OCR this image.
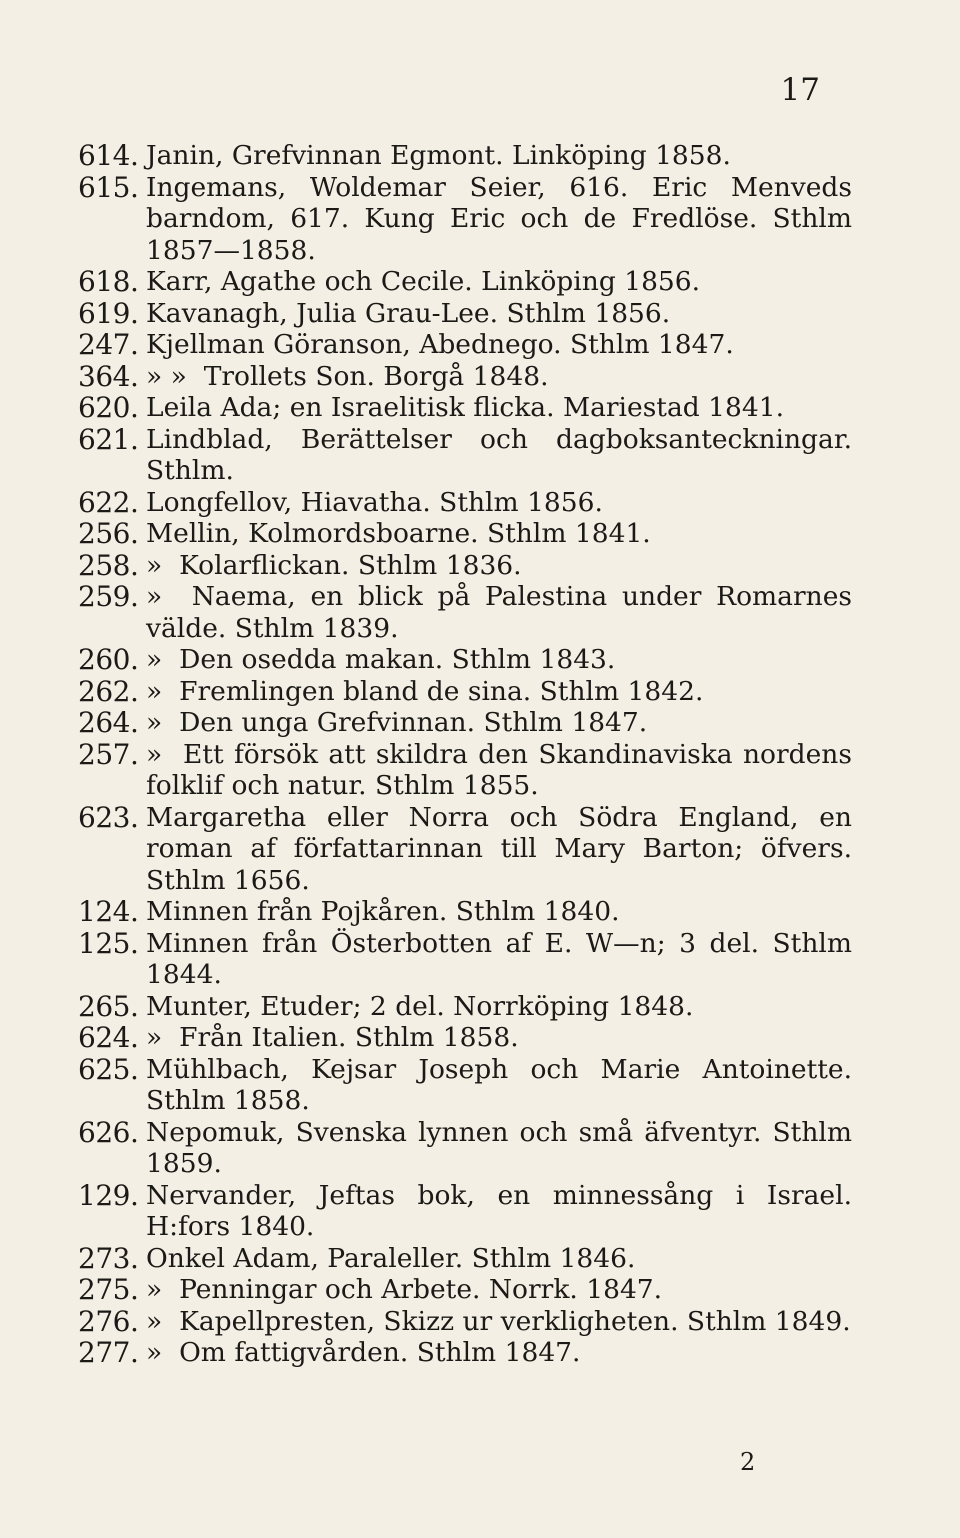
17
614. Janin, Grefvinnan Egmont. Linköping 1858.
615. Ingemans, Woldemar Seier, 616. Eric Menveds barndom, 617. Kung Eric och de Fredlöse. Sthlm 1857—1858.
618. Karr, Agathe och Cecile. Linköping 1856.
619. Kavanagh, Julia Grau-Lee. Sthlm 1856.
247. Kjellman Göranson, Abednego. Sthlm 1847.
364. » » Trollets Son. Borgå 1848.
620. Leila Ada; en Israelitisk flicka. Mariestad 1841.
621. Lindblad, Berättelser och dagboksanteckningar. Sthlm.
622. Longfellov, Hiavatha. Sthlm 1856.
256. Mellin, Kolmordsboarne. Sthlm 1841.
258. » Kolarflickan. Sthlm 1836.
259. » Naema, en blick på Palestina under Romarnes välde. Sthlm 1839.
260. » Den osedda makan. Sthlm 1843.
262. » Fremlingen bland de sina. Sthlm 1842.
264. » Den unga Grefvinnan. Sthlm 1847.
257. » Ett försök att skildra den Skandinaviska nordens folklif och natur. Sthlm 1855.
623. Margaretha eller Norra och Södra England, en roman af författarinnan till Mary Barton; öfvers. Sthlm 1656.
124. Minnen från Pojkåren. Sthlm 1840.
125. Minnen från Österbotten af E. W—n; 3 del. Sthlm 1844.
265. Munter, Etuder; 2 del. Norrköping 1848.
624. » Från Italien. Sthlm 1858.
625. Mühlbach, Kejsar Joseph och Marie Antoinette. Sthlm 1858.
626. Nepomuk, Svenska lynnen och små äfventyr. Sthlm 1859.
129. Nervander, Jeftas bok, en minnessång i Israel. H:fors 1840.
273. Onkel Adam, Paraleller. Sthlm 1846.
275. » Penningar och Arbete. Norrk. 1847.
276. » Kapellpresten, Skizz ur verkligheten. Sthlm 1849.
277. » Om fattigvården. Sthlm 1847.
2
